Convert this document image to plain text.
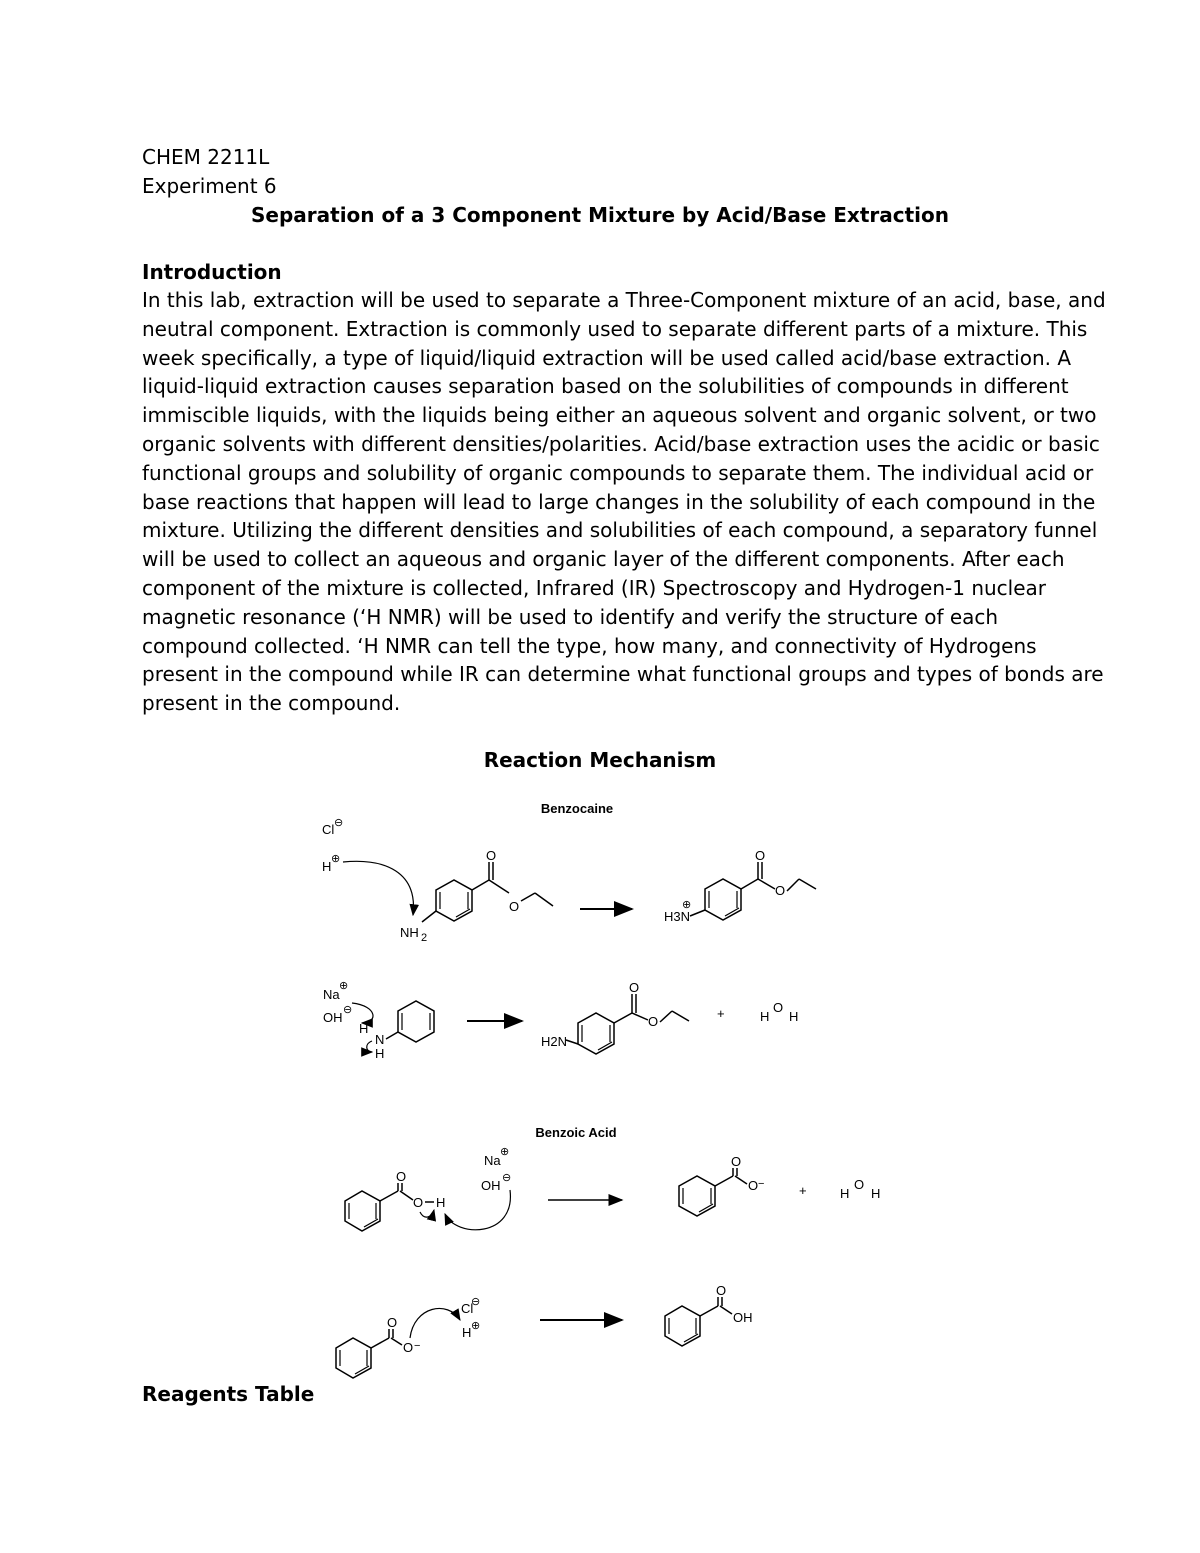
CHEM 2211L
Experiment 6
Separation of a 3 Component Mixture by Acid/Base Extraction
Introduction
In this lab, extraction will be used to separate a Three-Component mixture of an acid, base, and
neutral component. Extraction is commonly used to separate different parts of a mixture. This
week specifically, a type of liquid/liquid extraction will be used called acid/base extraction. A
liquid-liquid extraction causes separation based on the solubilities of compounds in different
immiscible liquids, with the liquids being either an aqueous solvent and organic solvent, or two
organic solvents with different densities/polarities. Acid/base extraction uses the acidic or basic
functional groups and solubility of organic compounds to separate them. The individual acid or
base reactions that happen will lead to large changes in the solubility of each compound in the
mixture. Utilizing the different densities and solubilities of each compound, a separatory funnel
will be used to collect an aqueous and organic layer of the different components. After each
component of the mixture is collected, Infrared (IR) Spectroscopy and Hydrogen-1 nuclear
magnetic resonance (‘H NMR) will be used to identify and verify the structure of each
compound collected. ‘H NMR can tell the type, how many, and connectivity of Hydrogens
present in the compound while IR can determine what functional groups and types of bonds are
present in the compound.
Reaction Mechanism
Benzocaine
Cl ⊖
H ⊕	O
O
NH 2
O
O
H3N
⊕
Na
⊕
OH ⊖
H
N
H
O
O
H2N
+	H
O
H
Benzoic Acid
Na
⊕
OH ⊖
O
O H
O
O −	+	H
O
H
O
O −
Cl
⊖
H ⊕
O
OH
Reagents Table
